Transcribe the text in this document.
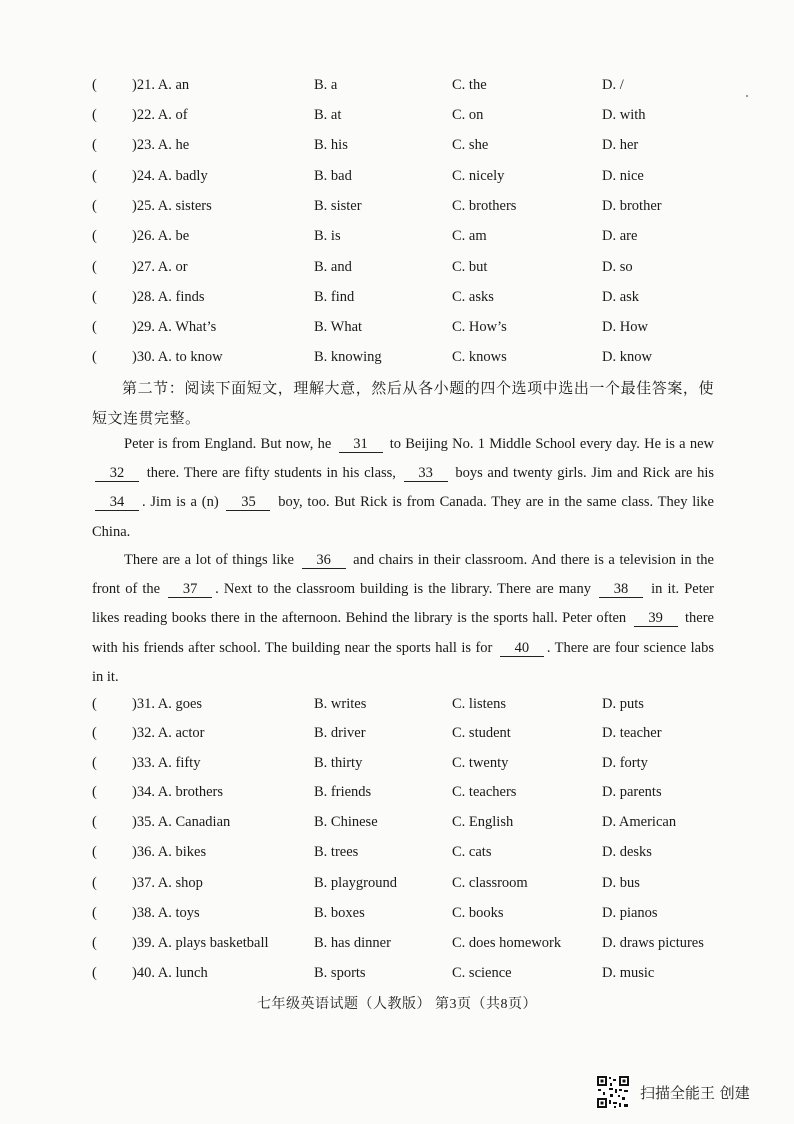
( )21. A. an	B. a	C. the	D. /
( )22. A. of	B. at	C. on	D. with
( )23. A. he	B. his	C. she	D. her
( )24. A. badly	B. bad	C. nicely	D. nice
( )25. A. sisters	B. sister	C. brothers	D. brother
( )26. A. be	B. is	C. am	D. are
( )27. A. or	B. and	C. but	D. so
( )28. A. finds	B. find	C. asks	D. ask
( )29. A. What’s	B. What	C. How’s	D. How
( )30. A. to know	B. knowing	C. knows	D. know
第二节：阅读下面短文，理解大意，然后从各小题的四个选项中选出一个最佳答案，使短文连贯完整。
Peter is from England. But now, he 31 to Beijing No. 1 Middle School every day. He is a new 32 there. There are fifty students in his class, 33 boys and twenty girls. Jim and Rick are his 34 . Jim is a (n) 35 boy, too. But Rick is from Canada. They are in the same class. They like China.
There are a lot of things like 36 and chairs in their classroom. And there is a television in the front of the 37 . Next to the classroom building is the library. There are many 38 in it. Peter likes reading books there in the afternoon. Behind the library is the sports hall. Peter often 39 there with his friends after school. The building near the sports hall is for 40 . There are four science labs in it.
( )31. A. goes	B. writes	C. listens	D. puts
( )32. A. actor	B. driver	C. student	D. teacher
( )33. A. fifty	B. thirty	C. twenty	D. forty
( )34. A. brothers	B. friends	C. teachers	D. parents
( )35. A. Canadian	B. Chinese	C. English	D. American
( )36. A. bikes	B. trees	C. cats	D. desks
( )37. A. shop	B. playground	C. classroom	D. bus
( )38. A. toys	B. boxes	C. books	D. pianos
( )39. A. plays basketball	B. has dinner	C. does homework	D. draws pictures
( )40. A. lunch	B. sports	C. science	D. music
七年级英语试题（人教版） 第3页（共8页）
扫描全能王 创建
